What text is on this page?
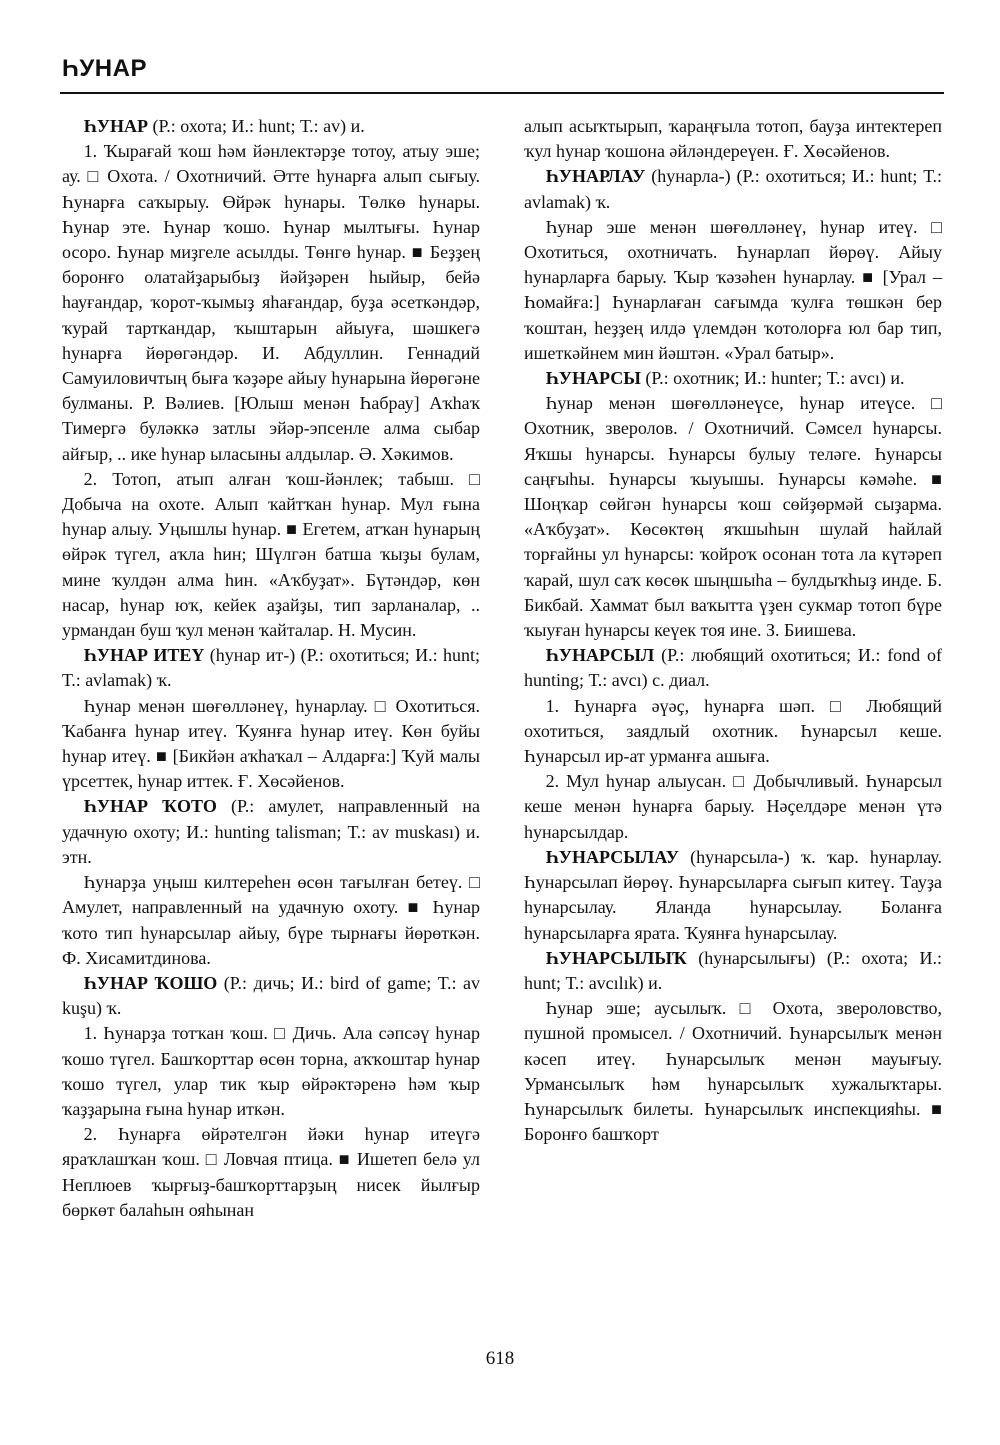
ҺУНАР

ҺУНАР (Р.: охота; И.: hunt; Т.: av) и.

1. Ҡырағай ҡош һәм йәнлектәрҙе тотоу, атыу эше; ау. □ Охота. / Охотничий. Әтте һунарға алып сығыу. Һунарға саҡырыу. Өйрәк һунары. Төлкө һунары. Һунар эте. Һунар ҡошо. Һунар мылтығы. Һунар осоро. Һунар миҙгеле асылды. Төнгө һунар. ■ Беҙҙең боронғо олатайҙарыбыҙ йәйҙәрен һыйыр, бейә һауғандар, ҡорот-ҡымыҙ яһағандар, буҙа әсеткәндәр, ҡурай тарткандар, ҡыштарын айыуға, шәшкегә һунарға йөрөгәндәр. И. Абдуллин. Геннадий Самуиловичтың быға ҡәҙәре айыу һунарына йөрөгәне булманы. Р. Вәлиев. [Юлыш менән Һабрау] Аҡһаҡ Тимергә буләккә затлы эйәр-эпсенле алма сыбар айғыр, .. ике һунар ыласыны алдылар. Ә. Хәкимов.

2. Тотоп, атып алған ҡош-йәнлек; табыш. □ Добыча на охоте. Алып ҡайтҡан һунар. Мул ғына һунар алыу. Уңышлы һунар. ■ Егетем, атҡан һунарың өйрәк түгел, аҡла һин; Шүлгән батша ҡыҙы булам, мине ҡулдән алма һин. «Аҡбуҙат». Бүтәндәр, көн насар, һунар юҡ, кейек аҙайҙы, тип зарланалар, .. урмандан буш ҡул менән ҡайталар. Н. Мусин.

ҺУНАР ИТЕҮ (һунар ит-) (Р.: охотиться; И.: hunt; Т.: avlamak) ҡ.

Һунар менән шөғөлләнеү, һунарлау. □ Охотиться. Ҡабанға һунар итеү. Ҡуянға һунар итеү. Көн буйы һунар итеү. ■ [Бикйән аҡһаҡал – Алдарға:] Ҡуй малы үрсеттек, һунар иттек. Ғ. Хөсәйенов.

ҺУНАР ҠОТО (Р.: амулет, направленный на удачную охоту; И.: hunting talisman; Т.: av muskası) и. этн.

Һунарҙа уңыш килтереһен өсөн тағылған бетеү. □ Амулет, направленный на удачную охоту. ■ Һунар ҡото тип һунарсылар айыу, бүре тырнағы йөрөткән. Ф. Хисамитдинова.

ҺУНАР ҠОШО (Р.: дичь; И.: bird of game; Т.: av kuşu) ҡ.

1. Һунарҙа тотҡан ҡош. □ Дичь. Ала сәпсәү һунар ҡошо түгел. Башҡорттар өсөн торна, аҡҡоштар һунар ҡошо түгел, улар тик ҡыр өйрәктәренә һәм ҡыр ҡаҙҙарына ғына һунар иткән.

2. Һунарға өйрәтелгән йәки һунар итеүгә яраҡлашҡан ҡош. □ Ловчая птица. ■ Ишетеп белә ул Неплюев ҡырғыҙ-башҡорттарҙың нисек йылғыр бөркөт балаһын ояһынан

алып асыҡтырып, ҡараңғыла тотоп, бауҙа интектереп ҡул һунар ҡошона әйләндереүен. Ғ. Хөсәйенов.

ҺУНАРЛАУ (һунарла-) (Р.: охотиться; И.: hunt; Т.: avlamak) ҡ.

Һунар эше менән шөғөлләнеү, һунар итеү. □ Охотиться, охотничать. Һунарлап йөрөү. Айыу һунарларға барыу. Ҡыр ҡәзәһен һунарлау. ■ [Урал – Һомайға:] Һунарлаған сағымда ҡулға төшкән бер ҡоштан, һеҙҙең илдә үлемдән ҡотолорға юл бар тип, ишеткәйнем мин йәштән. «Урал батыр».

ҺУНАРСЫ (Р.: охотник; И.: hunter; Т.: avcı) и.

Һунар менән шөғөлләнеүсе, һунар итеүсе. □ Охотник, зверолов. / Охотничий. Сәмсел һунарсы. Яҡшы һунарсы. Һунарсы булыу теләге. Һунарсы саңғыһы. Һунарсы ҡыуышы. Һунарсы кәмәһе. ■ Шоңҡар сөйгән һунарсы ҡош сөйҙөрмәй сыҙарма. «Аҡбуҙат». Көсөктөң яҡшыһын шулай һайлай торғайны ул һунарсы: ҡойроҡ осонан тота ла күтәреп ҡарай, шул саҡ көсөк шыңшыһа – булдыҡһыҙ инде. Б. Бикбай. Хаммат был ваҡытта үҙен сукмар тотоп бүре ҡыуған һунарсы кеүек тоя ине. З. Биишева.

ҺУНАРСЫЛ (Р.: любящий охотиться; И.: fond of hunting; Т.: avcı) с. диал.

1. Һунарға әүәҫ, һунарға шәп. □ Любящий охотиться, заядлый охотник. Һунарсыл кеше. Һунарсыл ир-ат урманға ашыға.

2. Мул һунар алыусан. □ Добычливый. Һунарсыл кеше менән һунарға барыу. Нәҫелдәре менән үтә һунарсылдар.

ҺУНАРСЫЛАУ (һунарсыла-) ҡ. ҡар. һунарлау. Һунарсылап йөрөү. Һунарсыларға сығып китеү. Тауҙа һунарсылау. Яланда һунарсылау. Боланға һунарсыларға ярата. Ҡуянға һунарсылау.

ҺУНАРСЫЛЫҠ (һунарсылығы) (Р.: охота; И.: hunt; Т.: avcılık) и.

Һунар эше; аусылыҡ. □ Охота, звероловство, пушной промысел. / Охотничий. Һунарсылыҡ менән кәсеп итеү. Һунарсылыҡ менән мауығыу. Урмансылыҡ һәм һунарсылыҡ хужалыҡтары. Һунарсылыҡ билеты. Һунарсылыҡ инспекцияһы. ■ Боронғо башҡорт

618
